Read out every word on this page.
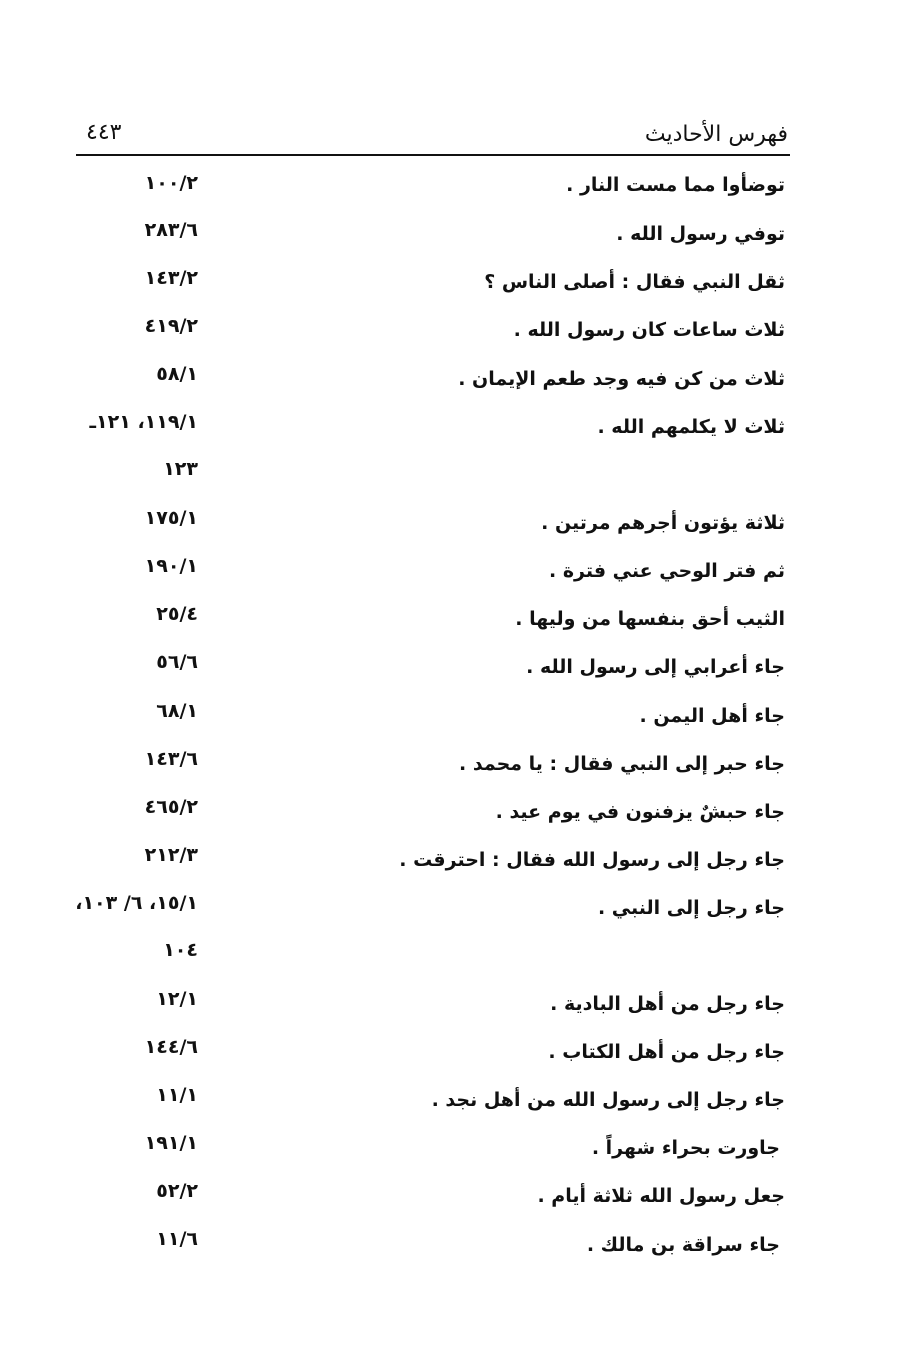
فهرس الأحاديث
٤٤٣
توضأوا مما مست النار .
١٠٠/٢
توفي رسول الله .
٢٨٣/٦
ثقل النبي فقال : أصلى الناس ؟
١٤٣/٢
ثلاث ساعات كان رسول الله .
٤١٩/٢
ثلاث من كن فيه وجد طعم الإيمان .
٥٨/١
ثلاث لا يكلمهم الله .
١١٩/١، ١٢١ـ
١٢٣
ثلاثة يؤتون أجرهم مرتين .
١٧٥/١
ثم فتر الوحي عني فترة .
١٩٠/١
الثيب أحق بنفسها من وليها .
٢٥/٤
جاء أعرابي إلى رسول الله .
٥٦/٦
جاء أهل اليمن .
٦٨/١
جاء حبر إلى النبي فقال : يا محمد .
١٤٣/٦
جاء حبشٌ يزفنون في يوم عيد .
٤٦٥/٢
جاء رجل إلى رسول الله فقال : احترقت .
٢١٢/٣
جاء رجل إلى النبي .
١٥/١، ٦/ ١٠٣،
١٠٤
جاء رجل من أهل البادية .
١٢/١
جاء رجل من أهل الكتاب .
١٤٤/٦
جاء رجل إلى رسول الله من أهل نجد .
١١/١
جاورت بحراء شهراً .
١٩١/١
جعل رسول الله ثلاثة أيام .
٥٢/٢
جاء سراقة بن مالك .
١١/٦
